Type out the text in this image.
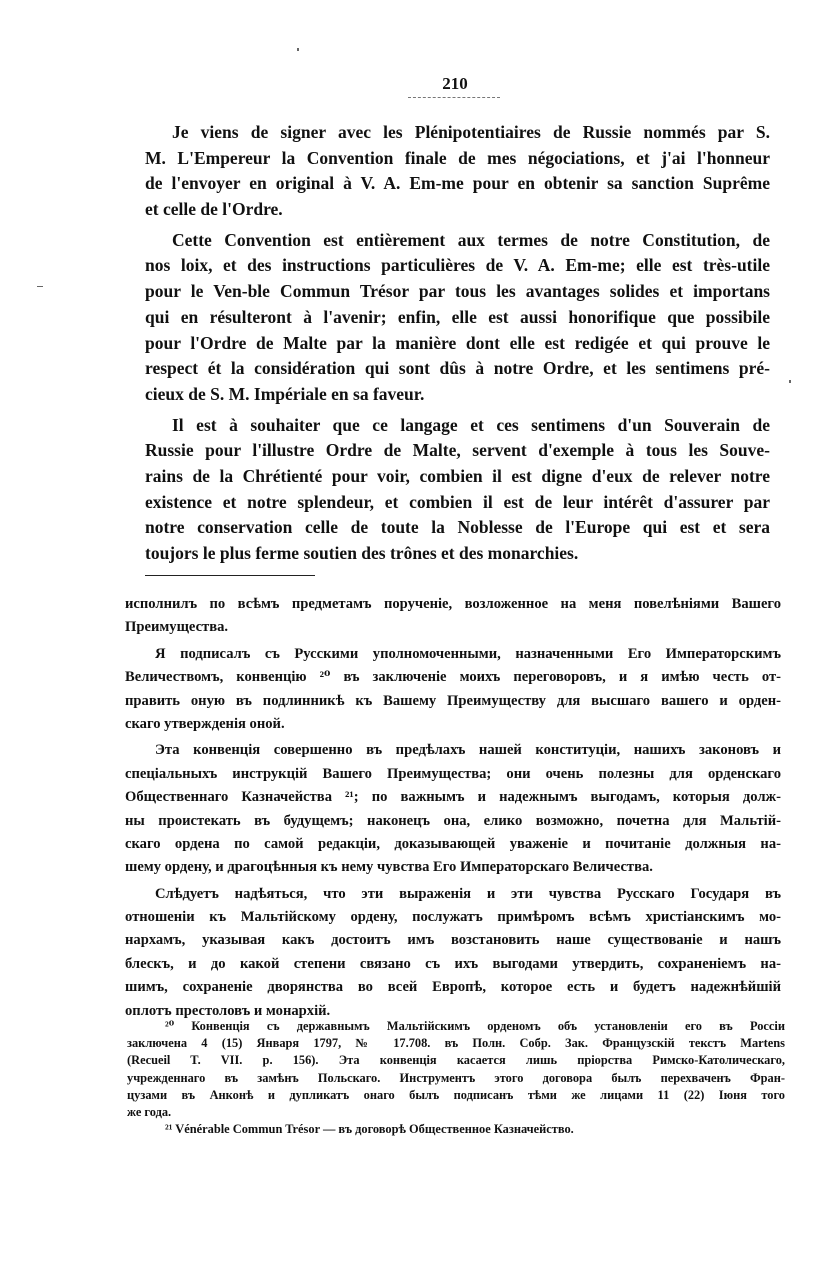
210
Je viens de signer avec les Plénipotentiaires de Russie nommés par S.
M. L'Empereur la Convention finale de mes négociations, et j'ai l'honneur
de l'envoyer en original à V. A. Em-me pour en obtenir sa sanction Suprême
et celle de l'Ordre.
Cette Convention est entièrement aux termes de notre Constitution, de
nos loix, et des instructions particulières de V. A. Em-me; elle est très-utile
pour le Ven-ble Commun Trésor par tous les avantages solides et importans
qui en résulteront à l'avenir; enfin, elle est aussi honorifique que possibile
pour l'Ordre de Malte par la manière dont elle est redigée et qui prouve le
respect ét la considération qui sont dûs à notre Ordre, et les sentimens pré-
cieux de S. M. Impériale en sa faveur.
Il est à souhaiter que ce langage et ces sentimens d'un Souverain de
Russie pour l'illustre Ordre de Malte, servent d'exemple à tous les Souve-
rains de la Chrétienté pour voir, combien il est digne d'eux de relever notre
existence et notre splendeur, et combien il est de leur intérêt d'assurer par
notre conservation celle de toute la Noblesse de l'Europe qui est et sera
toujors le plus ferme soutien des trônes et des monarchies.
исполнилъ по всѣмъ предметамъ порученіе, возложенное на меня повелѣніями Вашего
Преимущества.
Я подписалъ съ Русскими уполномоченными, назначенными Его Императорскимъ
Величествомъ, конвенцію ²⁰ въ заключеніе моихъ переговоровъ, и я имѣю честь от-
править оную въ подлинникѣ къ Вашему Преимуществу для высшаго вашего и орден-
скаго утвержденія оной.
Эта конвенція совершенно въ предѣлахъ нашей конституціи, нашихъ законовъ и
спеціальныхъ инструкцій Вашего Преимущества; они очень полезны для орденскаго
Общественнаго Казначейства ²¹; по важнымъ и надежнымъ выгодамъ, которыя долж-
ны проистекать въ будущемъ; наконецъ она, елико возможно, почетна для Мальтій-
скаго ордена по самой редакціи, доказывающей уваженіе и почитаніе должныя на-
шему ордену, и драгоцѣнныя къ нему чувства Его Императорскаго Величества.
Слѣдуетъ надѣяться, что эти выраженія и эти чувства Русскаго Государя въ
отношеніи къ Мальтійскому ордену, послужатъ примѣромъ всѣмъ христіанскимъ мо-
нархамъ, указывая какъ достоитъ имъ возстановить наше существованіе и нашъ
блескъ, и до какой степени связано съ ихъ выгодами утвердить, сохраненіемъ на-
шимъ, сохраненіе дворянства во всей Европѣ, которое есть и будетъ надежнѣйшій
оплотъ престоловъ и монархій.
²⁰ Конвенція съ державнымъ Мальтійскимъ орденомъ объ установленіи его въ Россіи
заключена 4 (15) Января 1797, № 17.708. въ Полн. Собр. Зак. Французскій текстъ Martens
(Recueil T. VII. p. 156). Эта конвенція касается лишь пріорства Римско-Католическаго,
учрежденнаго въ замѣнъ Польскаго. Инструментъ этого договора былъ перехваченъ Фран-
цузами въ Анконѣ и дупликатъ онаго былъ подписанъ тѣми же лицами 11 (22) Іюня того
же года.
²¹ Vénérable Commun Trésor — въ договорѣ Общественное Казначейство.
